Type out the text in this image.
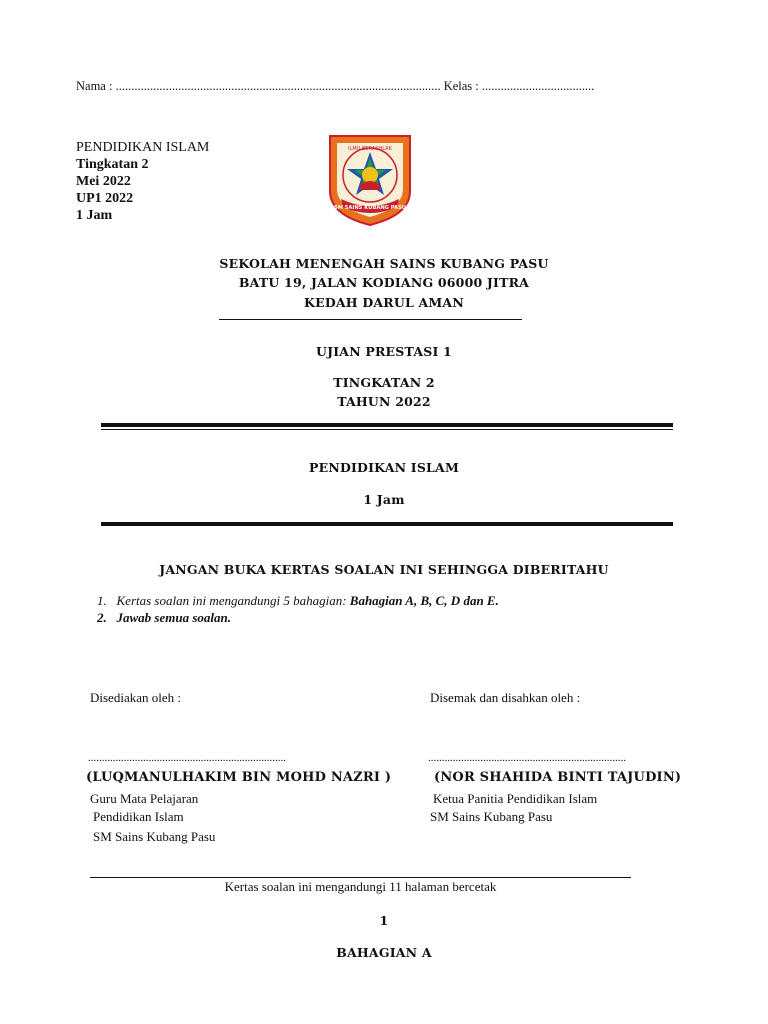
Nama : ........................................................................................................ Kelas : ....................................
PENDIDIKAN ISLAM
Tingkatan 2
Mei 2022
UP1 2022
1 Jam
ILMU BERAKHLAK
SM SAINS KUBANG PASU
SEKOLAH MENENGAH SAINS KUBANG PASU
BATU 19, JALAN KODIANG 06000 JITRA
KEDAH DARUL AMAN
UJIAN PRESTASI 1
TINGKATAN 2
TAHUN 2022
PENDIDIKAN ISLAM
1 Jam
JANGAN BUKA KERTAS SOALAN INI SEHINGGA DIBERITAHU
1. Kertas soalan ini mengandungi 5 bahagian: Bahagian A, B, C, D dan E.
2. Jawab semua soalan.
Disediakan oleh :	Disemak dan disahkan oleh :
........................................................................	........................................................................
(LUQMANULHAKIM BIN MOHD NAZRI )	(NOR SHAHIDA BINTI TAJUDIN)
Guru Mata Pelajaran
Pendidikan Islam
SM Sains Kubang Pasu
Ketua Panitia Pendidikan Islam
SM Sains Kubang Pasu
Kertas soalan ini mengandungi 11 halaman bercetak
1
BAHAGIAN A
